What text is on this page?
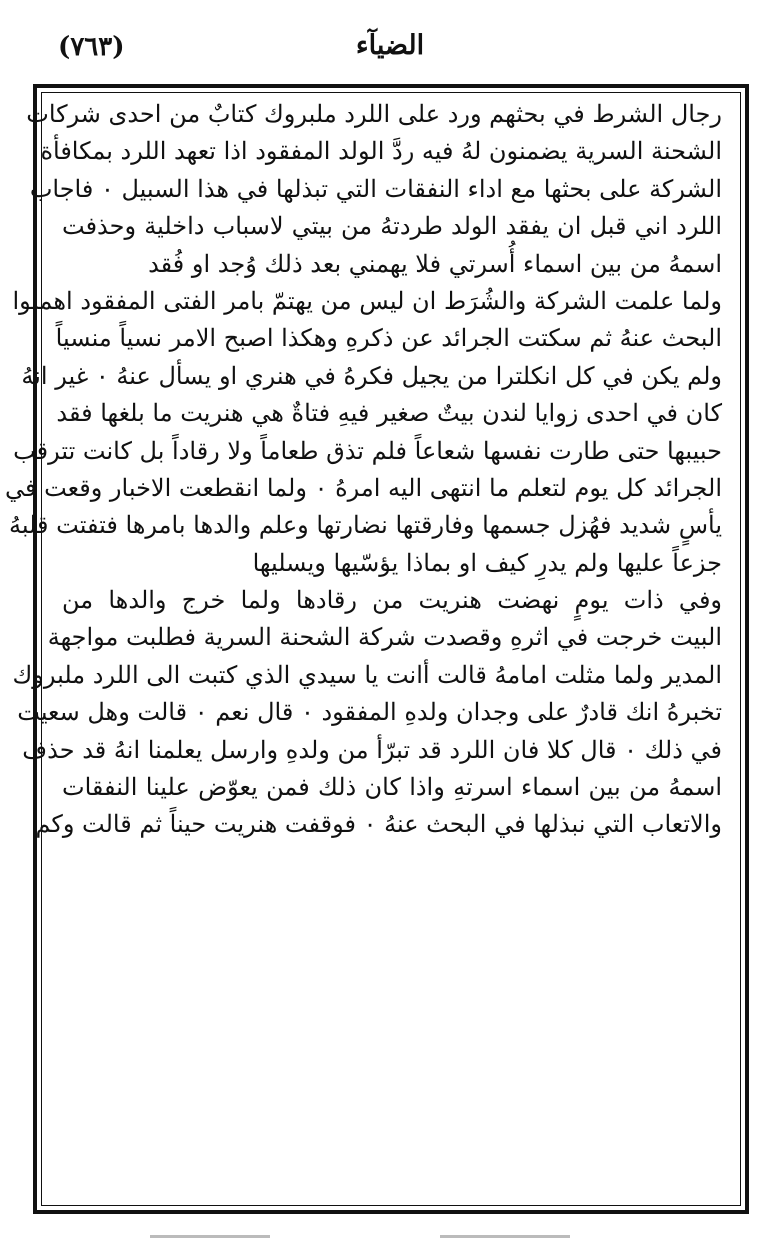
الضيآء
(٧٦٣)
رجال الشرط في بحثهم ورد على اللرد ملبروك كتابٌ من احدى شركات
الشحنة السرية يضمنون لهُ فيه ردَّ الولد المفقود اذا تعهد اللرد بمكافأة
الشركة على بحثها مع اداء النفقات التي تبذلها في هذا السبيل ٠ فاجاب
اللرد اني قبل ان يفقد الولد طردتهُ من بيتي لاسباب داخلية وحذفت
اسمهُ من بين اسماء أُسرتي فلا يهمني بعد ذلك وُجد او فُقد
ولما علمت الشركة والشُرَط ان ليس من يهتمّ بامر الفتى المفقود اهملوا
البحث عنهُ ثم سكتت الجرائد عن ذكرهِ وهكذا اصبح الامر نسياً منسياً
ولم يكن في كل انكلترا من يجيل فكرهُ في هنري او يسأل عنهُ ٠ غير انهُ
كان في احدى زوايا لندن بيتٌ صغير فيهِ فتاةٌ هي هنريت ما بلغها فقد
حبيبها حتى طارت نفسها شعاعاً فلم تذق طعاماً ولا رقاداً بل كانت تترقب
الجرائد كل يوم لتعلم ما انتهى اليه امرهُ ٠ ولما انقطعت الاخبار وقعت في
يأسٍ شديد فهُزل جسمها وفارقتها نضارتها وعلم والدها بامرها فتفتت قلبهُ
جزعاً عليها ولم يدرِ كيف او بماذا يؤسّيها ويسليها
وفي ذات يومٍ نهضت هنريت من رقادها ولما خرج والدها من
البيت خرجت في اثرهِ وقصدت شركة الشحنة السرية فطلبت مواجهة
المدير ولما مثلت امامهُ قالت أانت يا سيدي الذي كتبت الى اللرد ملبروك
تخبرهُ انك قادرٌ على وجدان ولدهِ المفقود ٠ قال نعم ٠ قالت وهل سعيت
في ذلك ٠ قال كلا فان اللرد قد تبرّأ من ولدهِ وارسل يعلمنا انهُ قد حذف
اسمهُ من بين اسماء اسرتهِ واذا كان ذلك فمن يعوّض علينا النفقات
والاتعاب التي نبذلها في البحث عنهُ ٠ فوقفت هنريت حيناً ثم قالت وكم
